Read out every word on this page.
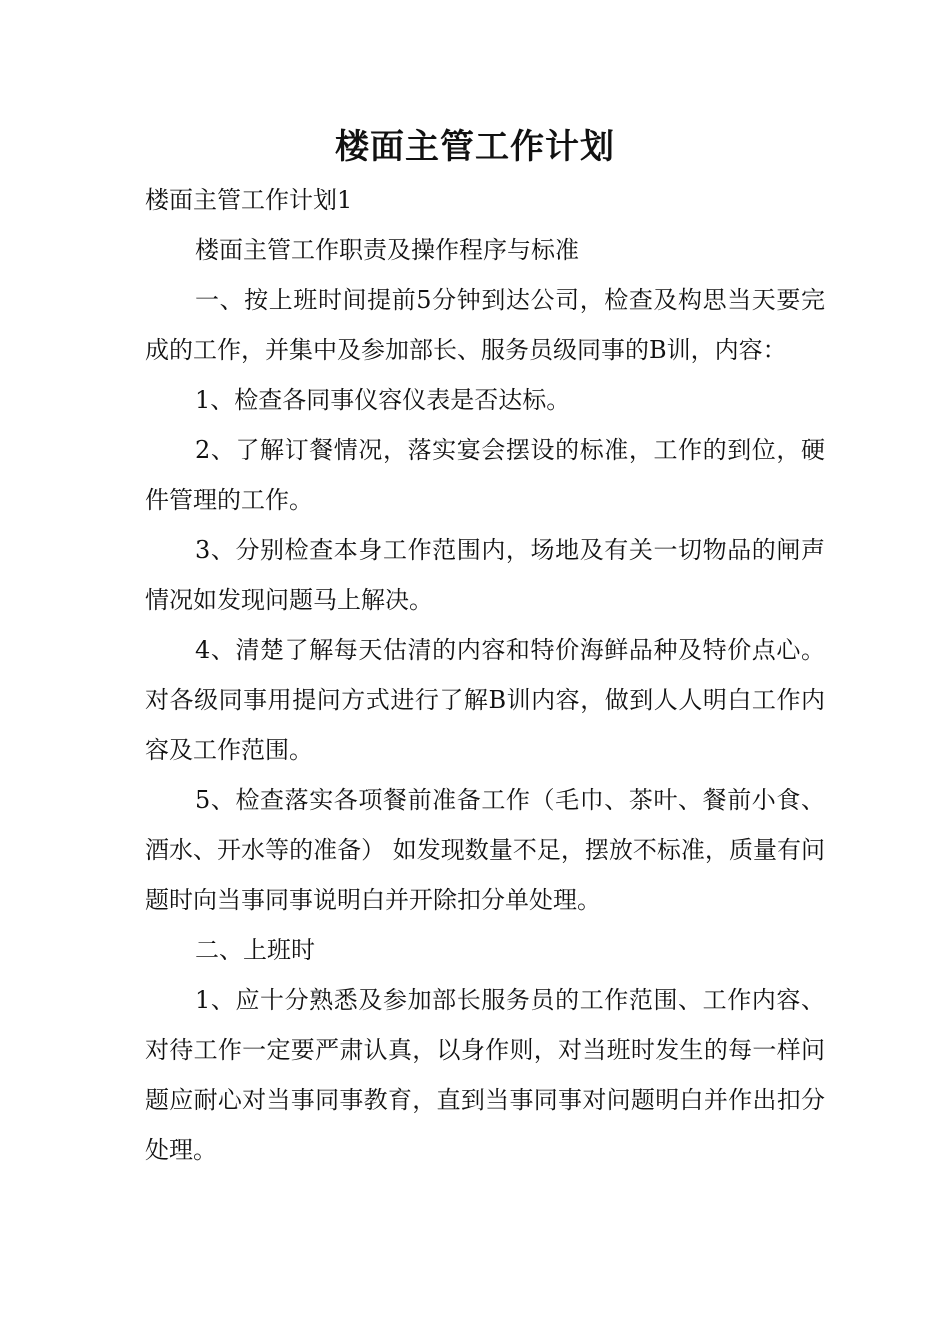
楼面主管工作计划

楼面主管工作计划1

楼面主管工作职责及操作程序与标准

一、按上班时间提前5分钟到达公司，检查及构思当天要完成的工作，并集中及参加部长、服务员级同事的B训，内容：

1、检查各同事仪容仪表是否达标。

2、了解订餐情况，落实宴会摆设的标准，工作的到位，硬件管理的工作。

3、分别检查本身工作范围内，场地及有关一切物品的闸声情况如发现问题马上解决。

4、清楚了解每天估清的内容和特价海鲜品种及特价点心。对各级同事用提问方式进行了解B训内容，做到人人明白工作内容及工作范围。

5、检查落实各项餐前准备工作（毛巾、茶叶、餐前小食、酒水、开水等的准备） 如发现数量不足，摆放不标准，质量有问题时向当事同事说明白并开除扣分单处理。

二、上班时

1、应十分熟悉及参加部长服务员的工作范围、工作内容、对待工作一定要严肃认真，以身作则，对当班时发生的每一样问题应耐心对当事同事教育，直到当事同事对问题明白并作出扣分处理。
